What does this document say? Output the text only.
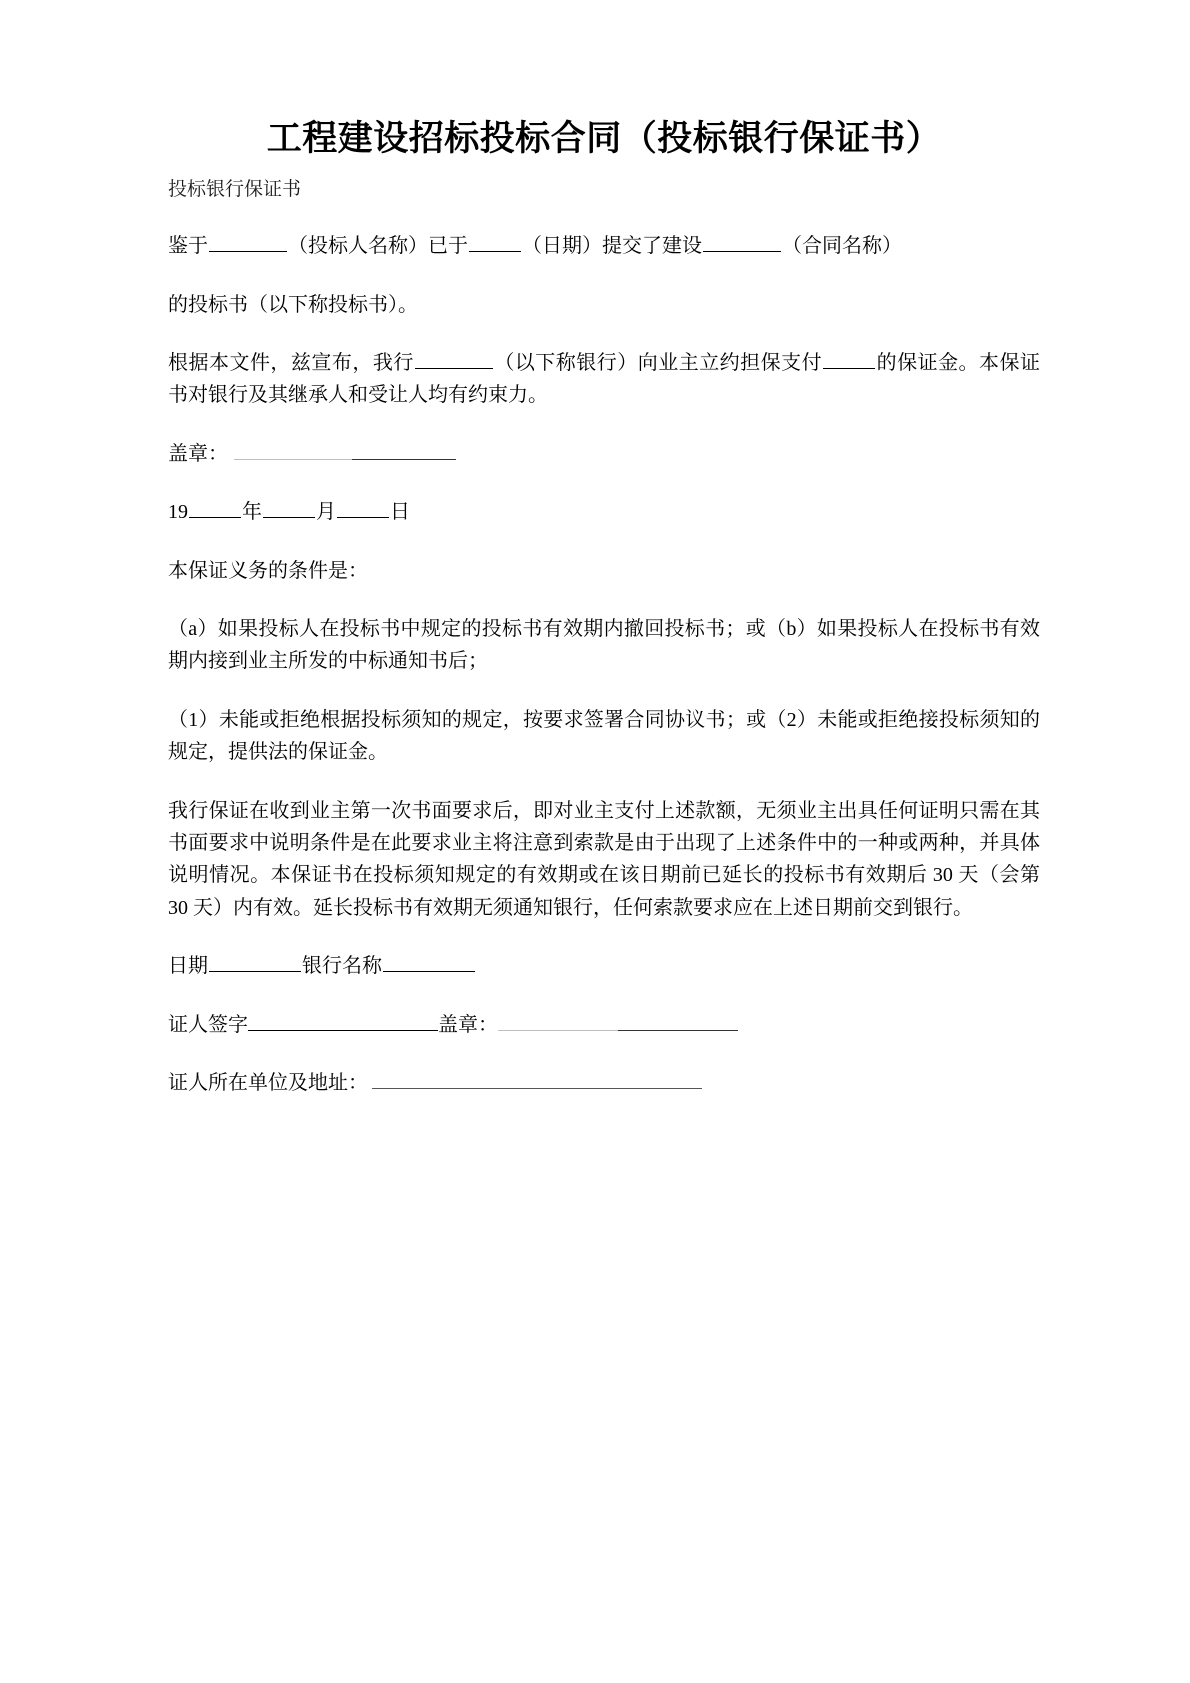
工程建设招标投标合同（投标银行保证书）
投标银行保证书

鉴于	（投标人名称）已于	（日期）提交了建设	（合同名称）

的投标书（以下称投标书）。

根据本文件，兹宣布，我行	（以下称银行）向业主立约担保支付	的保证金。本保证书对银行及其继承人和受让人均有约束力。

盖章：

19	年	月	日

本保证义务的条件是：

（a）如果投标人在投标书中规定的投标书有效期内撤回投标书；或（b）如果投标人在投标书有效期内接到业主所发的中标通知书后；

（1）未能或拒绝根据投标须知的规定，按要求签署合同协议书；或（2）未能或拒绝接投标须知的规定，提供法的保证金。

我行保证在收到业主第一次书面要求后，即对业主支付上述款额，无须业主出具任何证明只需在其书面要求中说明条件是在此要求业主将注意到索款是由于出现了上述条件中的一种或两种，并具体说明情况。本保证书在投标须知规定的有效期或在该日期前已延长的投标书有效期后 30 天（会第 30 天）内有效。延长投标书有效期无须通知银行，任何索款要求应在上述日期前交到银行。

日期	银行名称

证人签字	盖章：

证人所在单位及地址：
